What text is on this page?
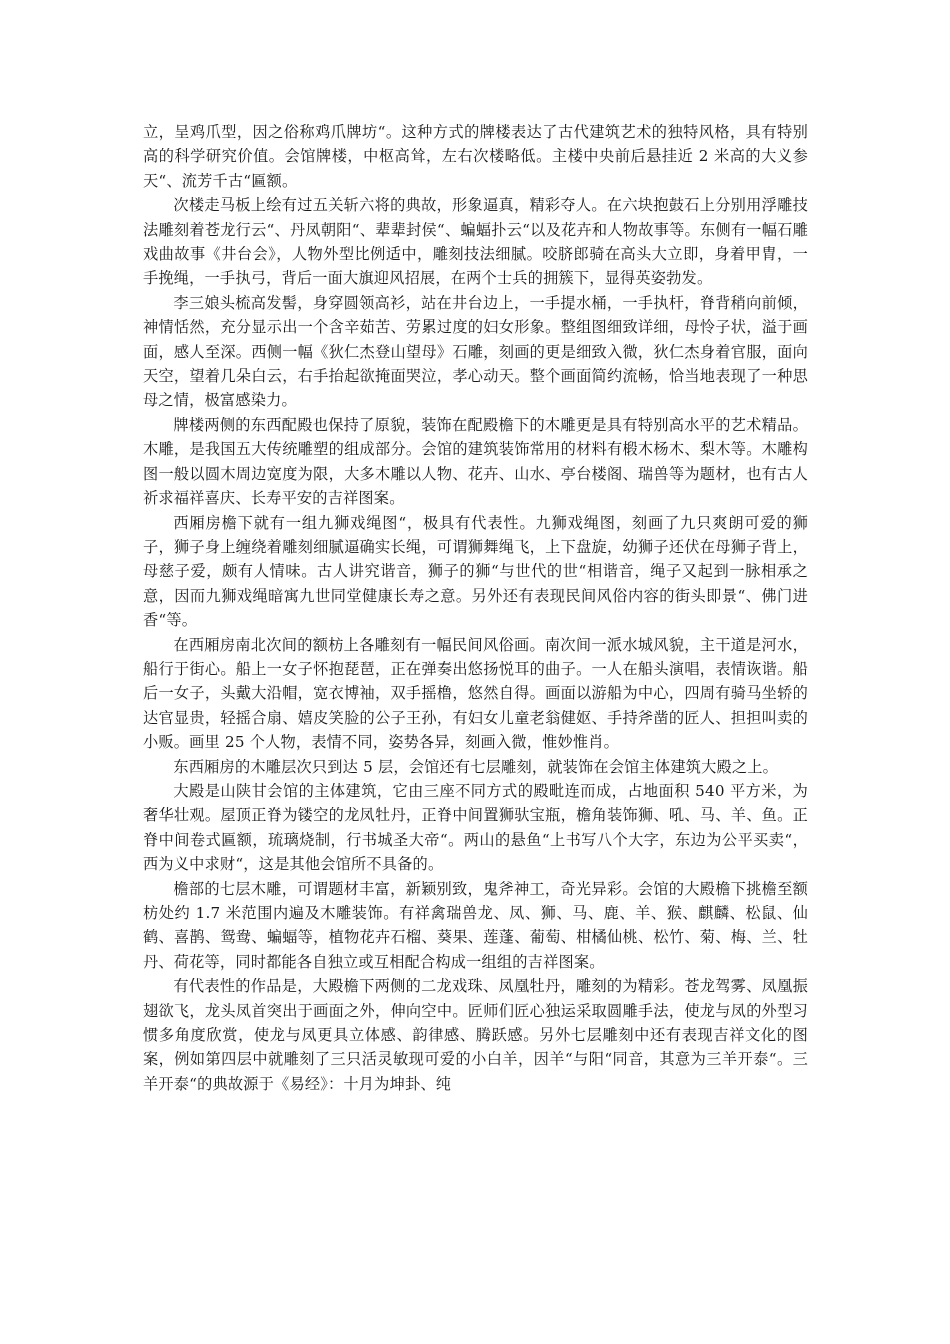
立，呈鸡爪型，因之俗称鸡爪牌坊“。这种方式的牌楼表达了古代建筑艺术的独特风格，具有特别高的科学研究价值。会馆牌楼，中枢高耸，左右次楼略低。主楼中央前后悬挂近 2 米高的大义参天“、流芳千古“匾额。

次楼走马板上绘有过五关斩六将的典故，形象逼真，精彩夺人。在六块抱鼓石上分别用浮雕技法雕刻着苍龙行云“、丹凤朝阳“、辈辈封侯“、蝙蝠扑云“以及花卉和人物故事等。东侧有一幅石雕戏曲故事《井台会》，人物外型比例适中，雕刻技法细腻。咬脐郎骑在高头大立即，身着甲胄，一手挽绳，一手执弓，背后一面大旗迎风招展，在两个士兵的拥簇下，显得英姿勃发。

李三娘头梳高发髻，身穿圆领高衫，站在井台边上，一手提水桶，一手执杆，脊背稍向前倾，神情恬然，充分显示出一个含辛茹苦、劳累过度的妇女形象。整组图细致详细，母怜子状，溢于画面，感人至深。西侧一幅《狄仁杰登山望母》石雕，刻画的更是细致入微，狄仁杰身着官服，面向天空，望着几朵白云，右手抬起欲掩面哭泣，孝心动天。整个画面简约流畅，恰当地表现了一种思母之情，极富感染力。

牌楼两侧的东西配殿也保持了原貌，装饰在配殿檐下的木雕更是具有特别高水平的艺术精品。木雕，是我国五大传统雕塑的组成部分。会馆的建筑装饰常用的材料有椴木杨木、梨木等。木雕构图一般以圆木周边宽度为限，大多木雕以人物、花卉、山水、亭台楼阁、瑞兽等为题材，也有古人祈求福祥喜庆、长寿平安的吉祥图案。

西厢房檐下就有一组九狮戏绳图“，极具有代表性。九狮戏绳图，刻画了九只爽朗可爱的狮子，狮子身上缠绕着雕刻细腻逼确实长绳，可谓狮舞绳飞，上下盘旋，幼狮子还伏在母狮子背上，母慈子爱，颇有人情味。古人讲究谐音，狮子的狮“与世代的世“相谐音，绳子又起到一脉相承之意，因而九狮戏绳暗寓九世同堂健康长寿之意。另外还有表现民间风俗内容的街头即景“、佛门进香“等。

在西厢房南北次间的额枋上各雕刻有一幅民间风俗画。南次间一派水城风貌，主干道是河水，船行于街心。船上一女子怀抱琵琶，正在弹奏出悠扬悦耳的曲子。一人在船头演唱，表情诙谐。船后一女子，头戴大沿帽，宽衣博袖，双手摇橹，悠然自得。画面以游船为中心，四周有骑马坐轿的达官显贵，轻摇合扇、嬉皮笑脸的公子王孙，有妇女儿童老翁健妪、手持斧凿的匠人、担担叫卖的小贩。画里 25 个人物，表情不同，姿势各异，刻画入微，惟妙惟肖。

东西厢房的木雕层次只到达 5 层，会馆还有七层雕刻，就装饰在会馆主体建筑大殿之上。

大殿是山陕甘会馆的主体建筑，它由三座不同方式的殿毗连而成，占地面积 540 平方米，为奢华壮观。屋顶正脊为镂空的龙凤牡丹，正脊中间置狮驮宝瓶，檐角装饰狮、吼、马、羊、鱼。正脊中间卷式匾额，琉璃烧制，行书城圣大帝“。两山的悬鱼“上书写八个大字，东边为公平买卖“，西为义中求财“，这是其他会馆所不具备的。

檐部的七层木雕，可谓题材丰富，新颖别致，鬼斧神工，奇光异彩。会馆的大殿檐下挑檐至额枋处约 1.7 米范围内遍及木雕装饰。有祥禽瑞兽龙、凤、狮、马、鹿、羊、猴、麒麟、松鼠、仙鹤、喜鹊、鸳鸯、蝙蝠等，植物花卉石榴、葵果、莲蓬、葡萄、柑橘仙桃、松竹、菊、梅、兰、牡丹、荷花等，同时都能各自独立或互相配合构成一组组的吉祥图案。

有代表性的作品是，大殿檐下两侧的二龙戏珠、凤凰牡丹，雕刻的为精彩。苍龙驾雾、凤凰振翅欲飞，龙头凤首突出于画面之外，伸向空中。匠师们匠心独运采取圆雕手法，使龙与凤的外型习惯多角度欣赏，使龙与凤更具立体感、韵律感、腾跃感。另外七层雕刻中还有表现吉祥文化的图案，例如第四层中就雕刻了三只活灵敏现可爱的小白羊，因羊“与阳“同音，其意为三羊开泰“。三羊开泰“的典故源于《易经》：十月为坤卦、纯
